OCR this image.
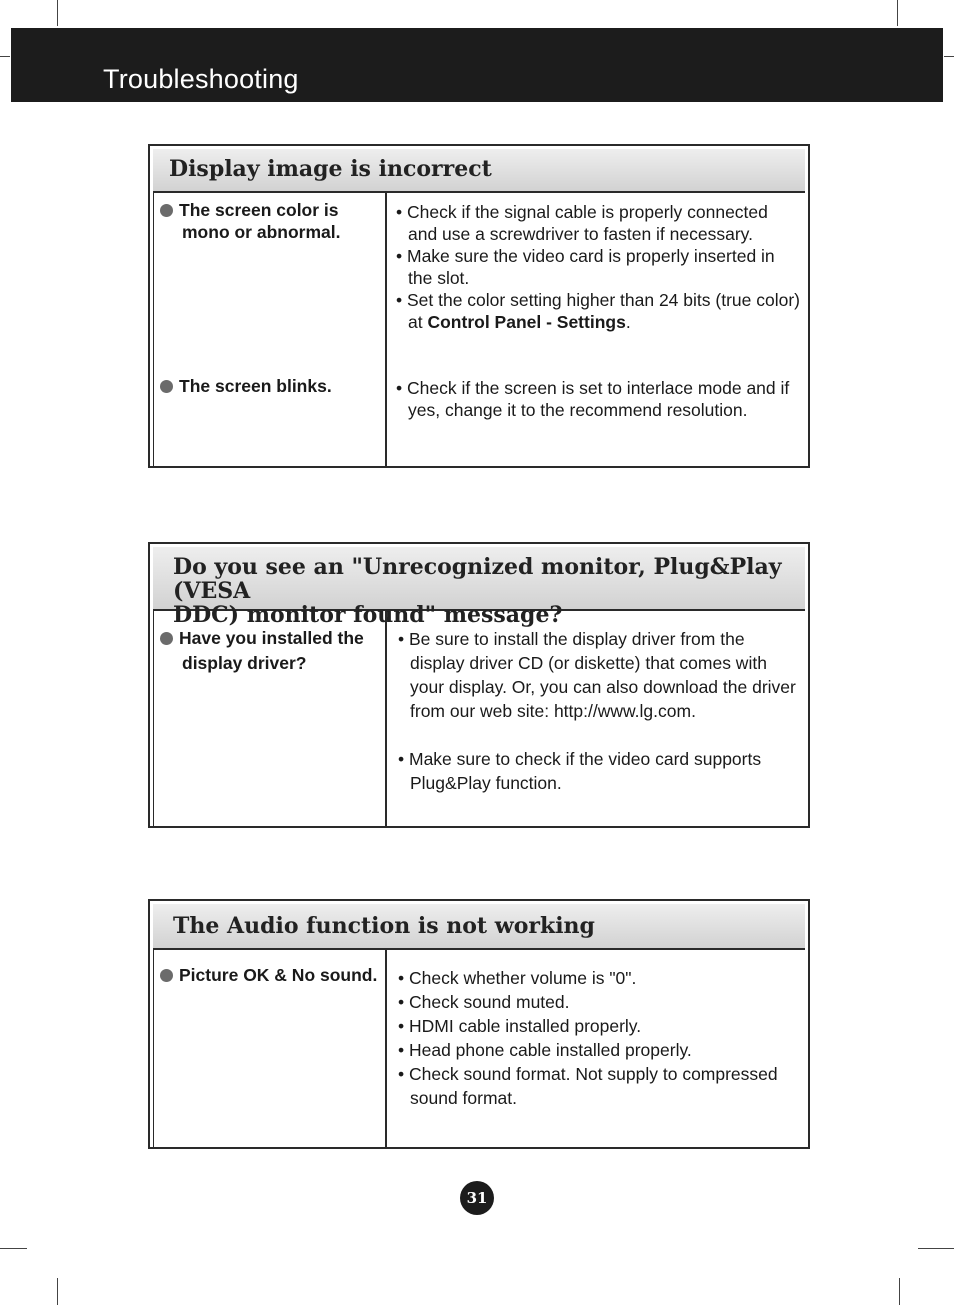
Troubleshooting
Display image is incorrect
The screen color is
mono or abnormal.
• Check if the signal cable is properly connected and use a screwdriver to fasten if necessary.
• Make sure the video card is properly inserted in the slot.
• Set the color setting higher than 24 bits (true color) at Control Panel - Settings.
The screen blinks.	• Check if the screen is set to interlace mode and if yes, change it to the recommend resolution.
Do you see an "Unrecognized monitor, Plug&Play (VESA
DDC) monitor found" message?
Have you installed the
display driver?
• Be sure to install the display driver from the display driver CD (or diskette) that comes with your display. Or, you can also download the driver from our web site: http://www.lg.com.
• Make sure to check if the video card supports Plug&Play function.
The Audio function is not working
Picture OK & No sound. • Check whether volume is "0".
• Check sound muted.
• HDMI cable installed properly.
• Head phone cable installed properly.
• Check sound format. Not supply to compressed sound format.
31
